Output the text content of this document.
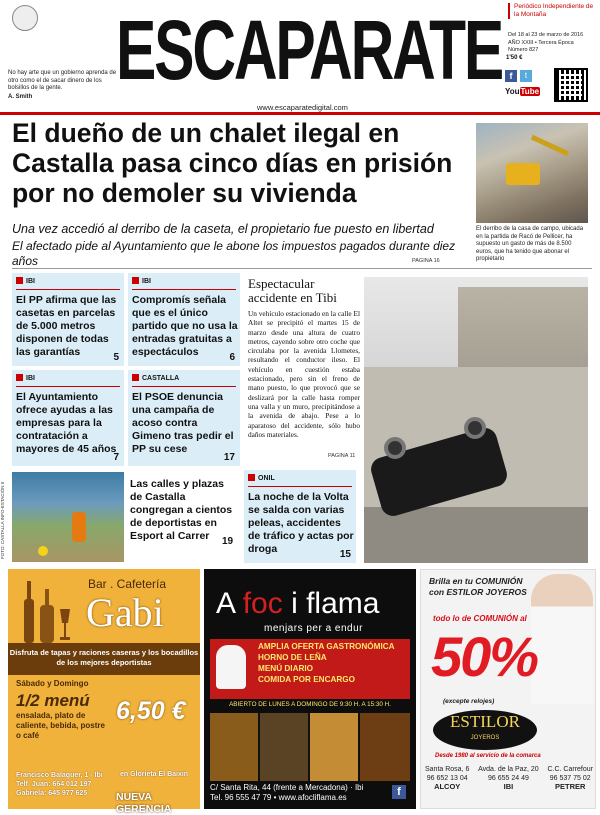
ESCAPARATE
No hay arte que un gobierno aprenda de otro como el de sacar dinero de los bolsillos de la gente.
A. Smith
Periódico Independiente de la Montaña
Del 18 al 23 de marzo de 2016
AÑO XXIII • Tercera Época
Número 827
1'50 €
f	t
YouTube
www.escaparatedigital.com
El dueño de un chalet ilegal en Castalla pasa cinco días en prisión por no demoler su vivienda
Una vez accedió al derribo de la caseta, el propietario fue puesto en libertad
El afectado pide al Ayuntamiento que le abone los impuestos pagados durante diez años	PAGINA 16
El derribo de la casa de campo, ubicada en la partida de Racó de Pellicer, ha supuesto un gasto de más de 8.500 euros, que ha tenido que abonar el propietario
IBI
El PP afirma que las casetas en parcelas de 5.000 metros disponen de todas las garantías	5
IBI
Compromís señala que es el único partido que no usa la entradas gratuitas a espectáculos	6
IBI
El Ayuntamiento ofrece ayudas a las empresas para la contratación a mayores de 45 años
7
CASTALLA
El PSOE denuncia una campaña de acoso contra Gimeno tras pedir el PP su cese
17
ONIL
La noche de la Volta se salda con varias peleas, accidentes de tráfico y actas por droga	15
Espectacular accidente en Tibi
Un vehículo estacionado en la calle El Altet se precipitó el martes 15 de marzo desde una altura de cuatro metros, cayendo sobre otro coche que circulaba por la avenida Llometes, resultando el conductor ileso. El vehículo en cuestión estaba estacionado, pero sin el freno de mano puesto, lo que provocó que se deslizará por la calle hasta romper una valla y un muro, precipitándose a la avenida de abajo. Pese a lo aparatoso del accidente, sólo hubo daños materiales.
PAGINA 11
FOTO: CASTALLA INFO-ESTACIÓN II	Las calles y plazas de Castalla congregan a cientos de deportistas en Esport al Carrer	19
Bar . Cafetería
Gabi
Disfruta de tapas y raciones caseras y los bocadillos de los mejores deportistas
Sábado y Domingo
1/2 menú
ensalada, plato de caliente, bebida, postre o café
6,50 €
Francisco Balaguer, 1 - Ibi Telf. Juan: 664 012 197 Gabriela: 645 977 625
en Glorieta El Baixin
NUEVA GERENCIA
A foc i flama
menjars per a endur
AMPLIA OFERTA GASTRONÓMICA
HORNO DE LEÑA
MENÚ DIARIO
COMIDA POR ENCARGO
ABIERTO DE LUNES A DOMINGO DE 9:30 H. A 15:30 H.
C/ Santa Rita, 44 (frente a Mercadona) · Ibi
Tel. 96 555 47 79 • www.afocliflama.es	f
Brilla en tu COMUNIÓN con ESTILOR JOYEROS
todo lo de COMUNIÓN al
50%
(excepte relojes)
ESTILOR
JOYEROS
Desde 1980 al servicio de la comarca
Santa Rosa, 6
96 652 13 04
ALCOY
Avda. de la Paz, 20
96 655 24 49
IBI
C.C. Carrefour
96 537 75 02
PETRER
